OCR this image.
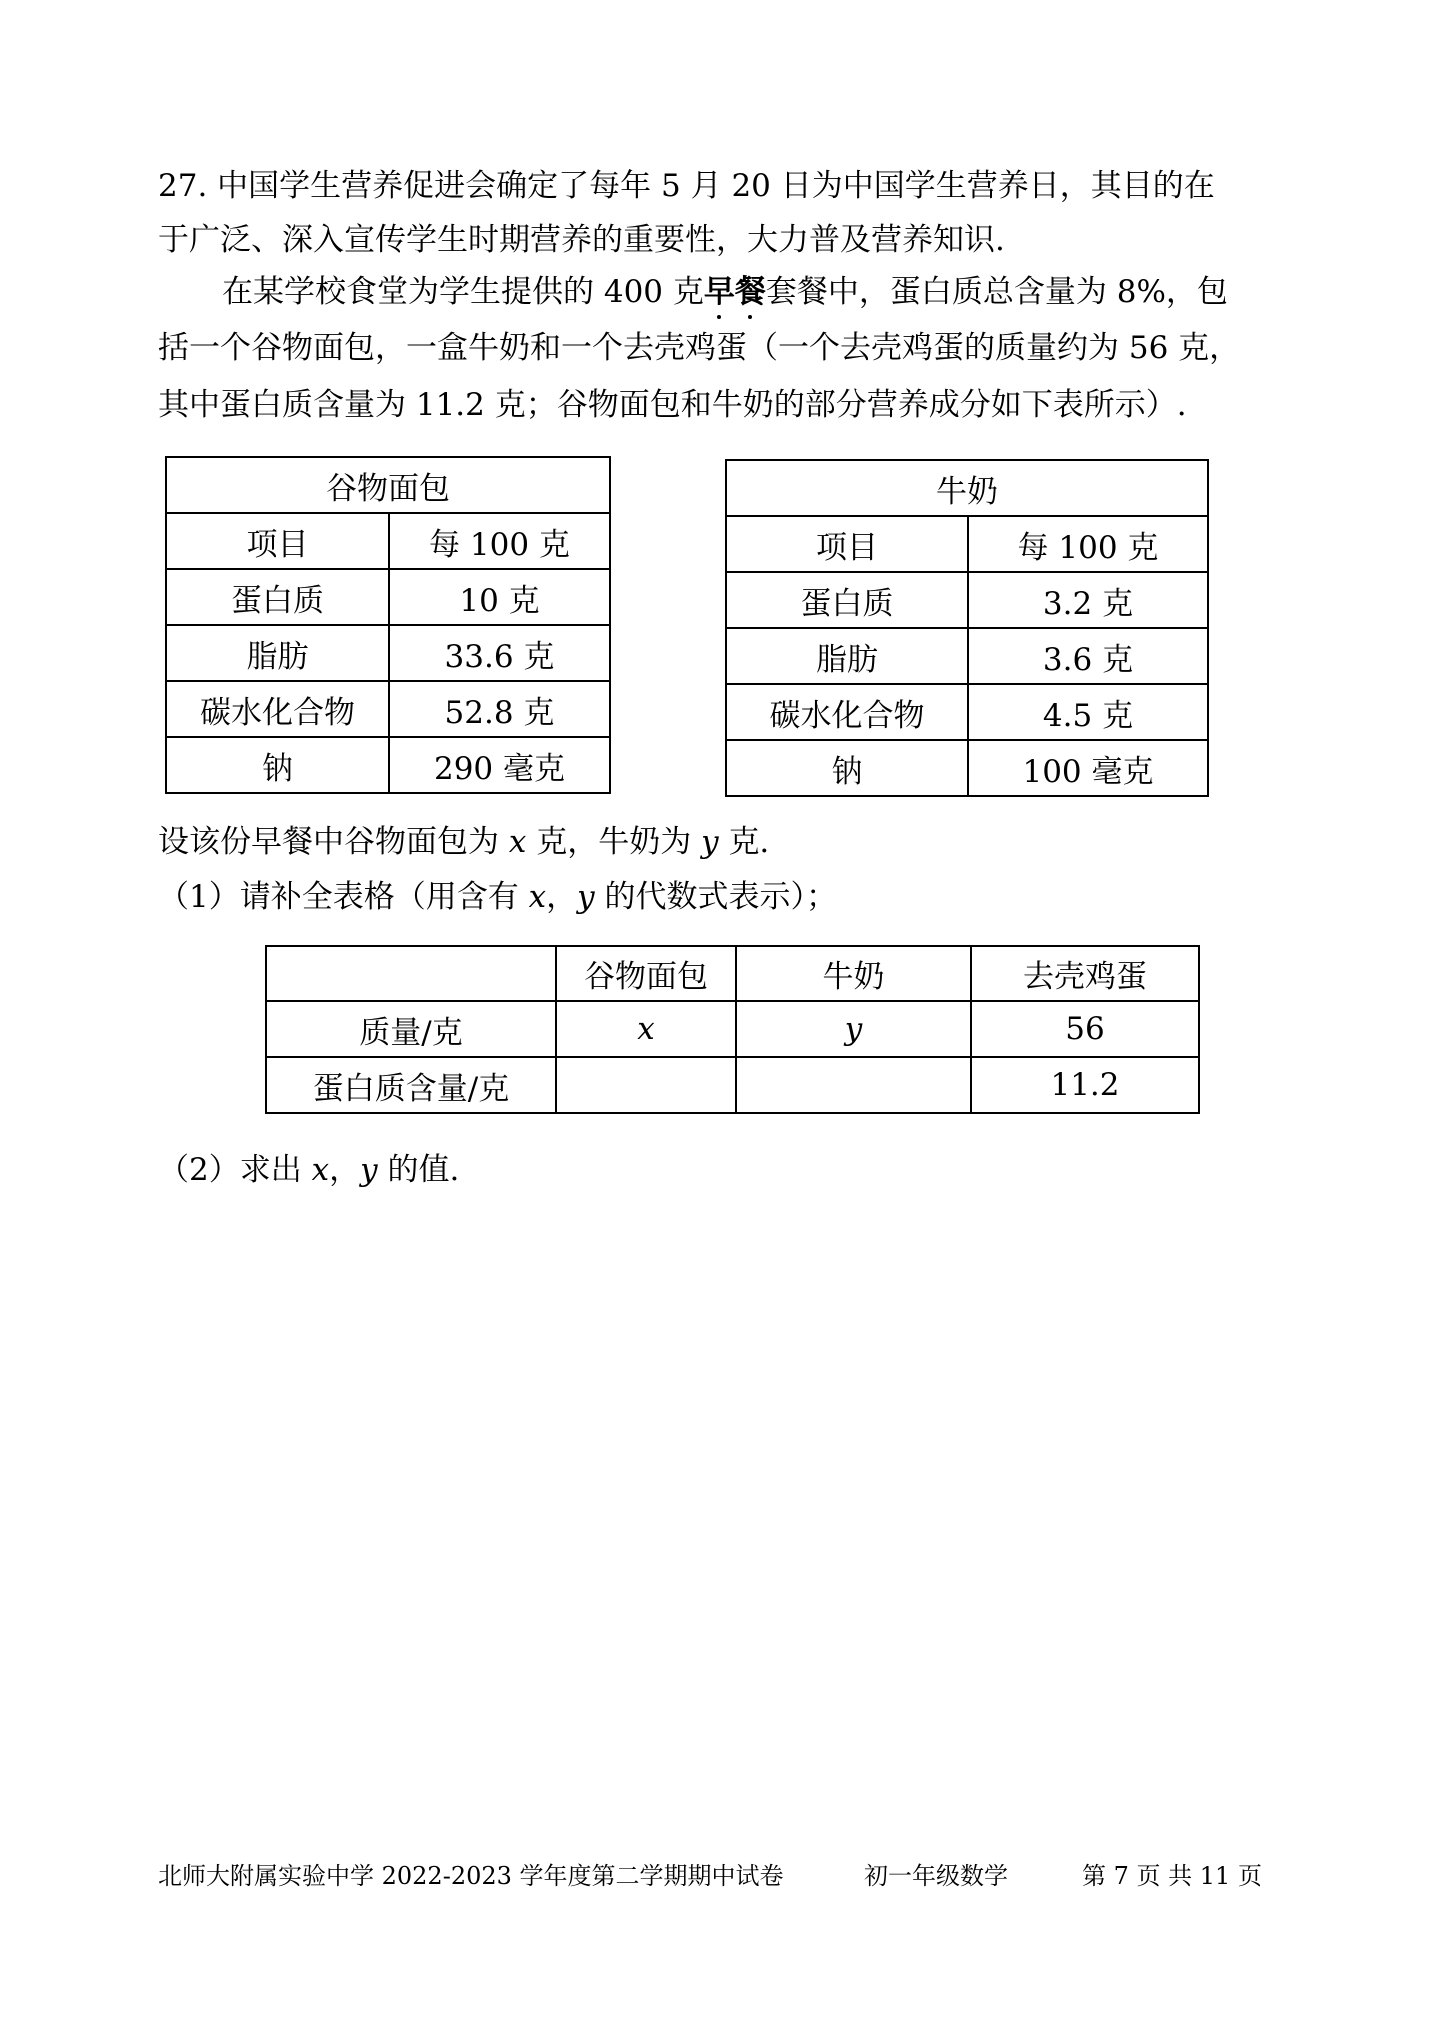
27. 中国学生营养促进会确定了每年 5 月 20 日为中国学生营养日，其目的在

于广泛、深入宣传学生时期营养的重要性，大力普及营养知识.

在某学校食堂为学生提供的 400 克早餐套餐中，蛋白质总含量为 8%，包

括一个谷物面包，一盒牛奶和一个去壳鸡蛋（一个去壳鸡蛋的质量约为 56 克，

其中蛋白质含量为 11.2 克；谷物面包和牛奶的部分营养成分如下表所示）.

谷物面包	
项目	每 100 克
蛋白质	10 克
脂肪	33.6 克
碳水化合物	52.8 克
钠	290 毫克
牛奶	
项目	每 100 克
蛋白质	3.2 克
脂肪	3.6 克
碳水化合物	4.5 克
钠	100 毫克

设该份早餐中谷物面包为 x 克，牛奶为 y 克.

（1）请补全表格（用含有 x，y 的代数式表示）；

	谷物面包	牛奶	去壳鸡蛋
质量/克	x	y	56
蛋白质含量/克			11.2

（2）求出 x，y 的值.

北师大附属实验中学 2022-2023 学年度第二学期期中试卷	初一年级数学	第 7 页 共 11 页
